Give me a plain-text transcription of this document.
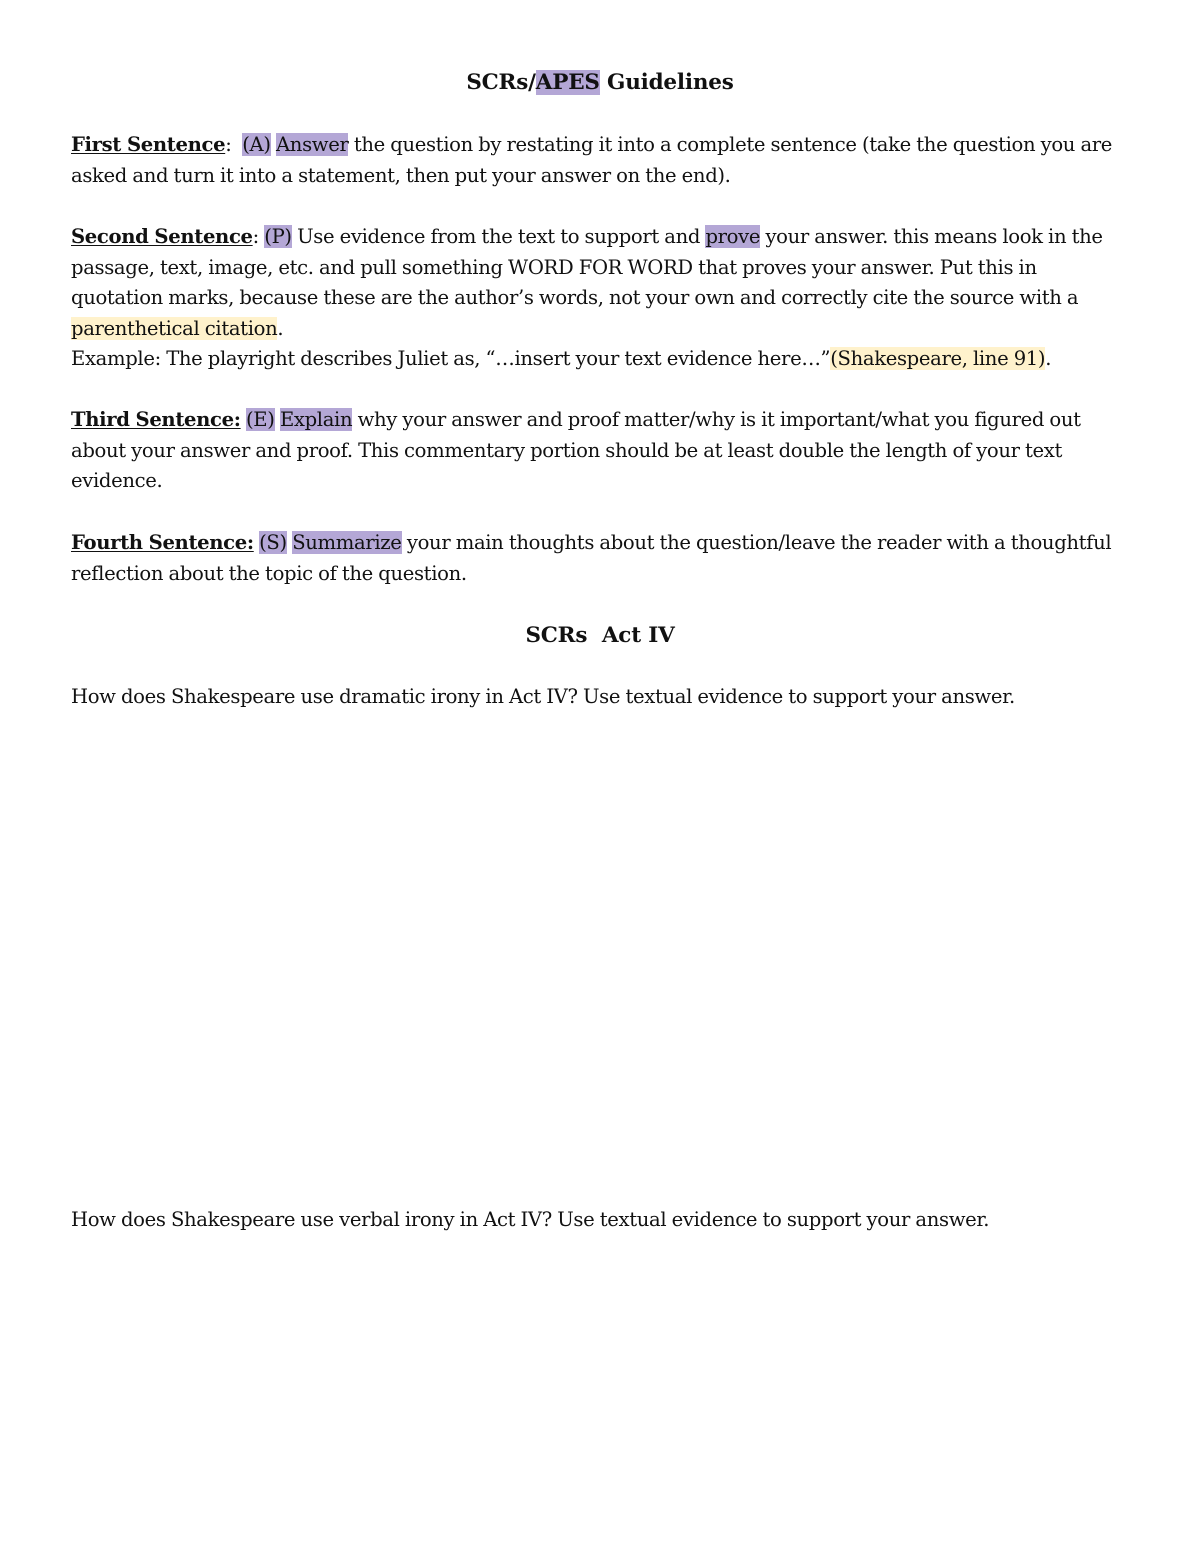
SCRs/APES Guidelines
First Sentence:  (A) Answer the question by restating it into a complete sentence (take the question you are asked and turn it into a statement, then put your answer on the end).
Second Sentence: (P) Use evidence from the text to support and prove your answer. this means look in the passage, text, image, etc. and pull something WORD FOR WORD that proves your answer. Put this in quotation marks, because these are the author’s words, not your own and correctly cite the source with a parenthetical citation.
Example: The playright describes Juliet as, “…insert your text evidence here…”(Shakespeare, line 91).
Third Sentence: (E) Explain why your answer and proof matter/why is it important/what you figured out about your answer and proof. This commentary portion should be at least double the length of your text evidence.
Fourth Sentence: (S) Summarize your main thoughts about the question/leave the reader with a thoughtful reflection about the topic of the question.
SCRs  Act IV
How does Shakespeare use dramatic irony in Act IV? Use textual evidence to support your answer.
How does Shakespeare use verbal irony in Act IV? Use textual evidence to support your answer.
